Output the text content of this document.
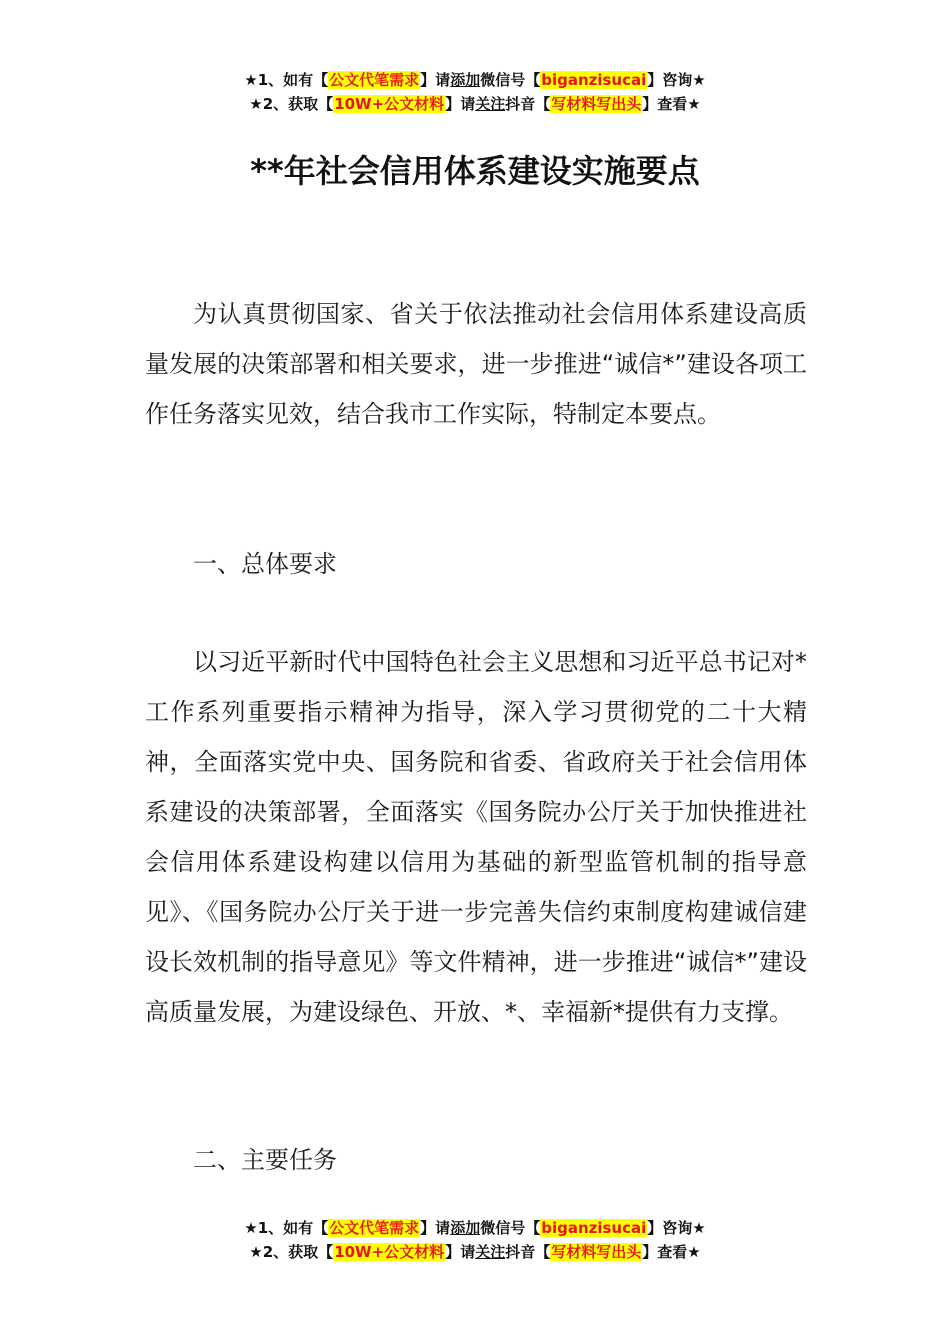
★1、如有【公文代笔需求】请添加微信号【biganzisucai】咨询★
★2、获取【10W+公文材料】请关注抖音【写材料写出头】查看★
**年社会信用体系建设实施要点

为认真贯彻国家、省关于依法推动社会信用体系建设高质量发展的决策部署和相关要求，进一步推进“诚信*”建设各项工作任务落实见效，结合我市工作实际，特制定本要点。

一、总体要求

以习近平新时代中国特色社会主义思想和习近平总书记对*工作系列重要指示精神为指导，深入学习贯彻党的二十大精神，全面落实党中央、国务院和省委、省政府关于社会信用体系建设的决策部署，全面落实《国务院办公厅关于加快推进社会信用体系建设构建以信用为基础的新型监管机制的指导意见》、《国务院办公厅关于进一步完善失信约束制度构建诚信建设长效机制的指导意见》等文件精神，进一步推进“诚信*”建设高质量发展，为建设绿色、开放、*、幸福新*提供有力支撑。

二、主要任务

★1、如有【公文代笔需求】请添加微信号【biganzisucai】咨询★
★2、获取【10W+公文材料】请关注抖音【写材料写出头】查看★
